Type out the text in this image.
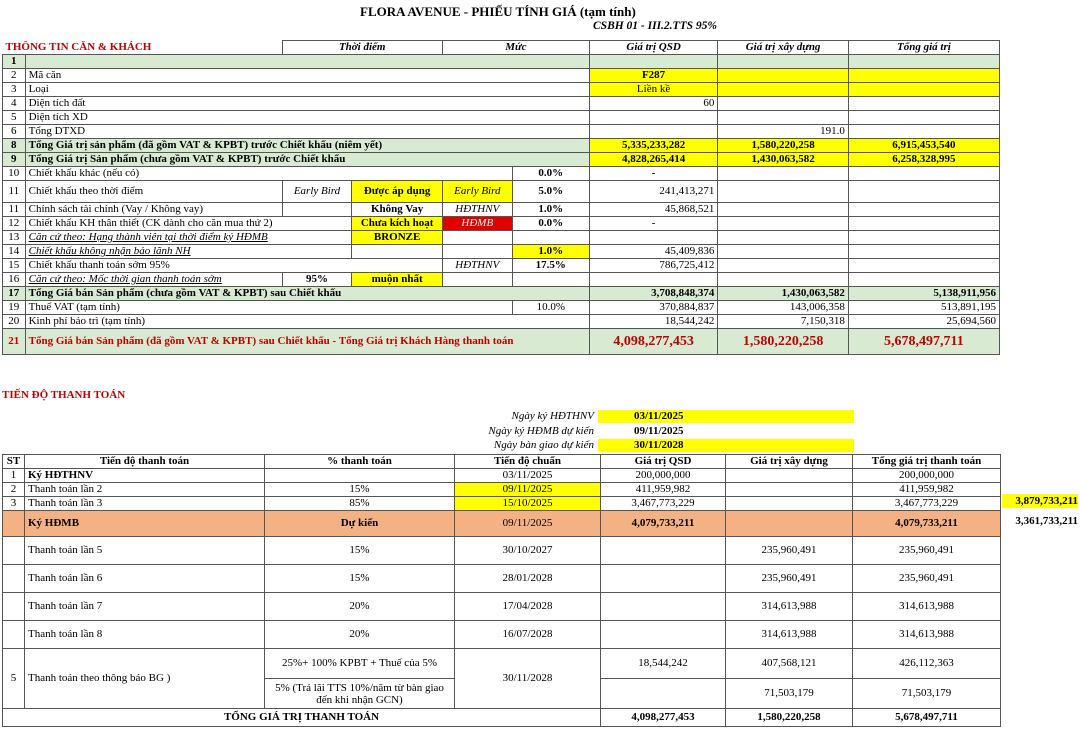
FLORA AVENUE - PHIẾU TÍNH GIÁ (tạm tính)
CSBH 01 - III.2.TTS 95%
THÔNG TIN CĂN & KHÁCH		Thời điểm		Mức		Giá trị QSD	Giá trị xây dựng	Tổng giá trị
1								
2	Mã căn					F287		
3	Loại					Liền kề		
4	Diện tích đất					60		
5	Diện tích XD							
6	Tổng DTXD						191.0	
8	Tổng Giá trị sản phẩm (đã gồm VAT & KPBT) trước Chiết khấu (niêm yết)					5,335,233,282	1,580,220,258	6,915,453,540
9	Tổng Giá trị Sản phẩm (chưa gồm VAT & KPBT) trước Chiết khấu					4,828,265,414	1,430,063,582	6,258,328,995
10	Chiết khấu khác (nếu có)				0.0%	-		
11	Chiết khấu theo thời điểm	Early Bird	Được áp dụng	Early Bird	5.0%	241,413,271		
11	Chính sách tài chính (Vay / Không vay)		Không Vay	HĐTHNV	1.0%	45,868,521		
12	Chiết khấu KH thân thiết (CK dành cho căn mua thứ 2)		Chưa kích hoạt	HĐMB	0.0%	-		
13	Căn cứ theo: Hạng thành viên tại thời điểm ký HĐMB		BRONZE					
14	Chiết khấu không nhận bảo lãnh NH				1.0%	45,409,836		
15	Chiết khấu thanh toán sớm 95%			HĐTHNV	17.5%	786,725,412		
16	Căn cứ theo: Mốc thời gian thanh toán sớm	95%	muộn nhất					
17	Tổng Giá bán Sản phẩm (chưa gồm VAT & KPBT) sau Chiết khấu					3,708,848,374	1,430,063,582	5,138,911,956
19	Thuế VAT (tạm tính)				10.0%	370,884,837	143,006,358	513,891,195
20	Kinh phí bảo trì (tạm tính)					18,544,242	7,150,318	25,694,560
21	Tổng Giá bán Sản phẩm (đã gồm VAT & KPBT) sau Chiết khấu - Tổng Giá trị Khách Hàng thanh toán					4,098,277,453	1,580,220,258	5,678,497,711
TIẾN ĐỘ THANH TOÁN
Ngày ký HĐTHNV	03/11/2025
Ngày ký HĐMB dự kiến	09/11/2025
Ngày bàn giao dự kiến	30/11/2028
ST	Tiến độ thanh toán	% thanh toán	Tiến độ chuẩn	Giá trị QSD	Giá trị xây dựng	Tổng giá trị thanh toán
1	Ký HĐTHNV		03/11/2025	200,000,000		200,000,000
2	Thanh toán lần 2	15%	09/11/2025	411,959,982		411,959,982
3	Thanh toán lần 3	85%	15/10/2025	3,467,773,229		3,467,773,229
	Ký HĐMB	Dự kiến	09/11/2025	4,079,733,211		4,079,733,211
	Thanh toán lần 5	15%	30/10/2027		235,960,491	235,960,491
	Thanh toán lần 6	15%	28/01/2028		235,960,491	235,960,491
	Thanh toán lần 7	20%	17/04/2028		314,613,988	314,613,988
	Thanh toán lần 8	20%	16/07/2028		314,613,988	314,613,988
5	Thanh toán theo thông báo BG )	25%+ 100% KPBT + Thuế của 5%	30/11/2028	18,544,242	407,568,121	426,112,363
		5% (Trả lãi TTS 10%/năm từ bàn giao đến khi nhận GCN)			71,503,179	71,503,179
TỔNG GIÁ TRỊ THANH TOÁN				4,098,277,453	1,580,220,258	5,678,497,711
3,879,733,211
3,361,733,211
